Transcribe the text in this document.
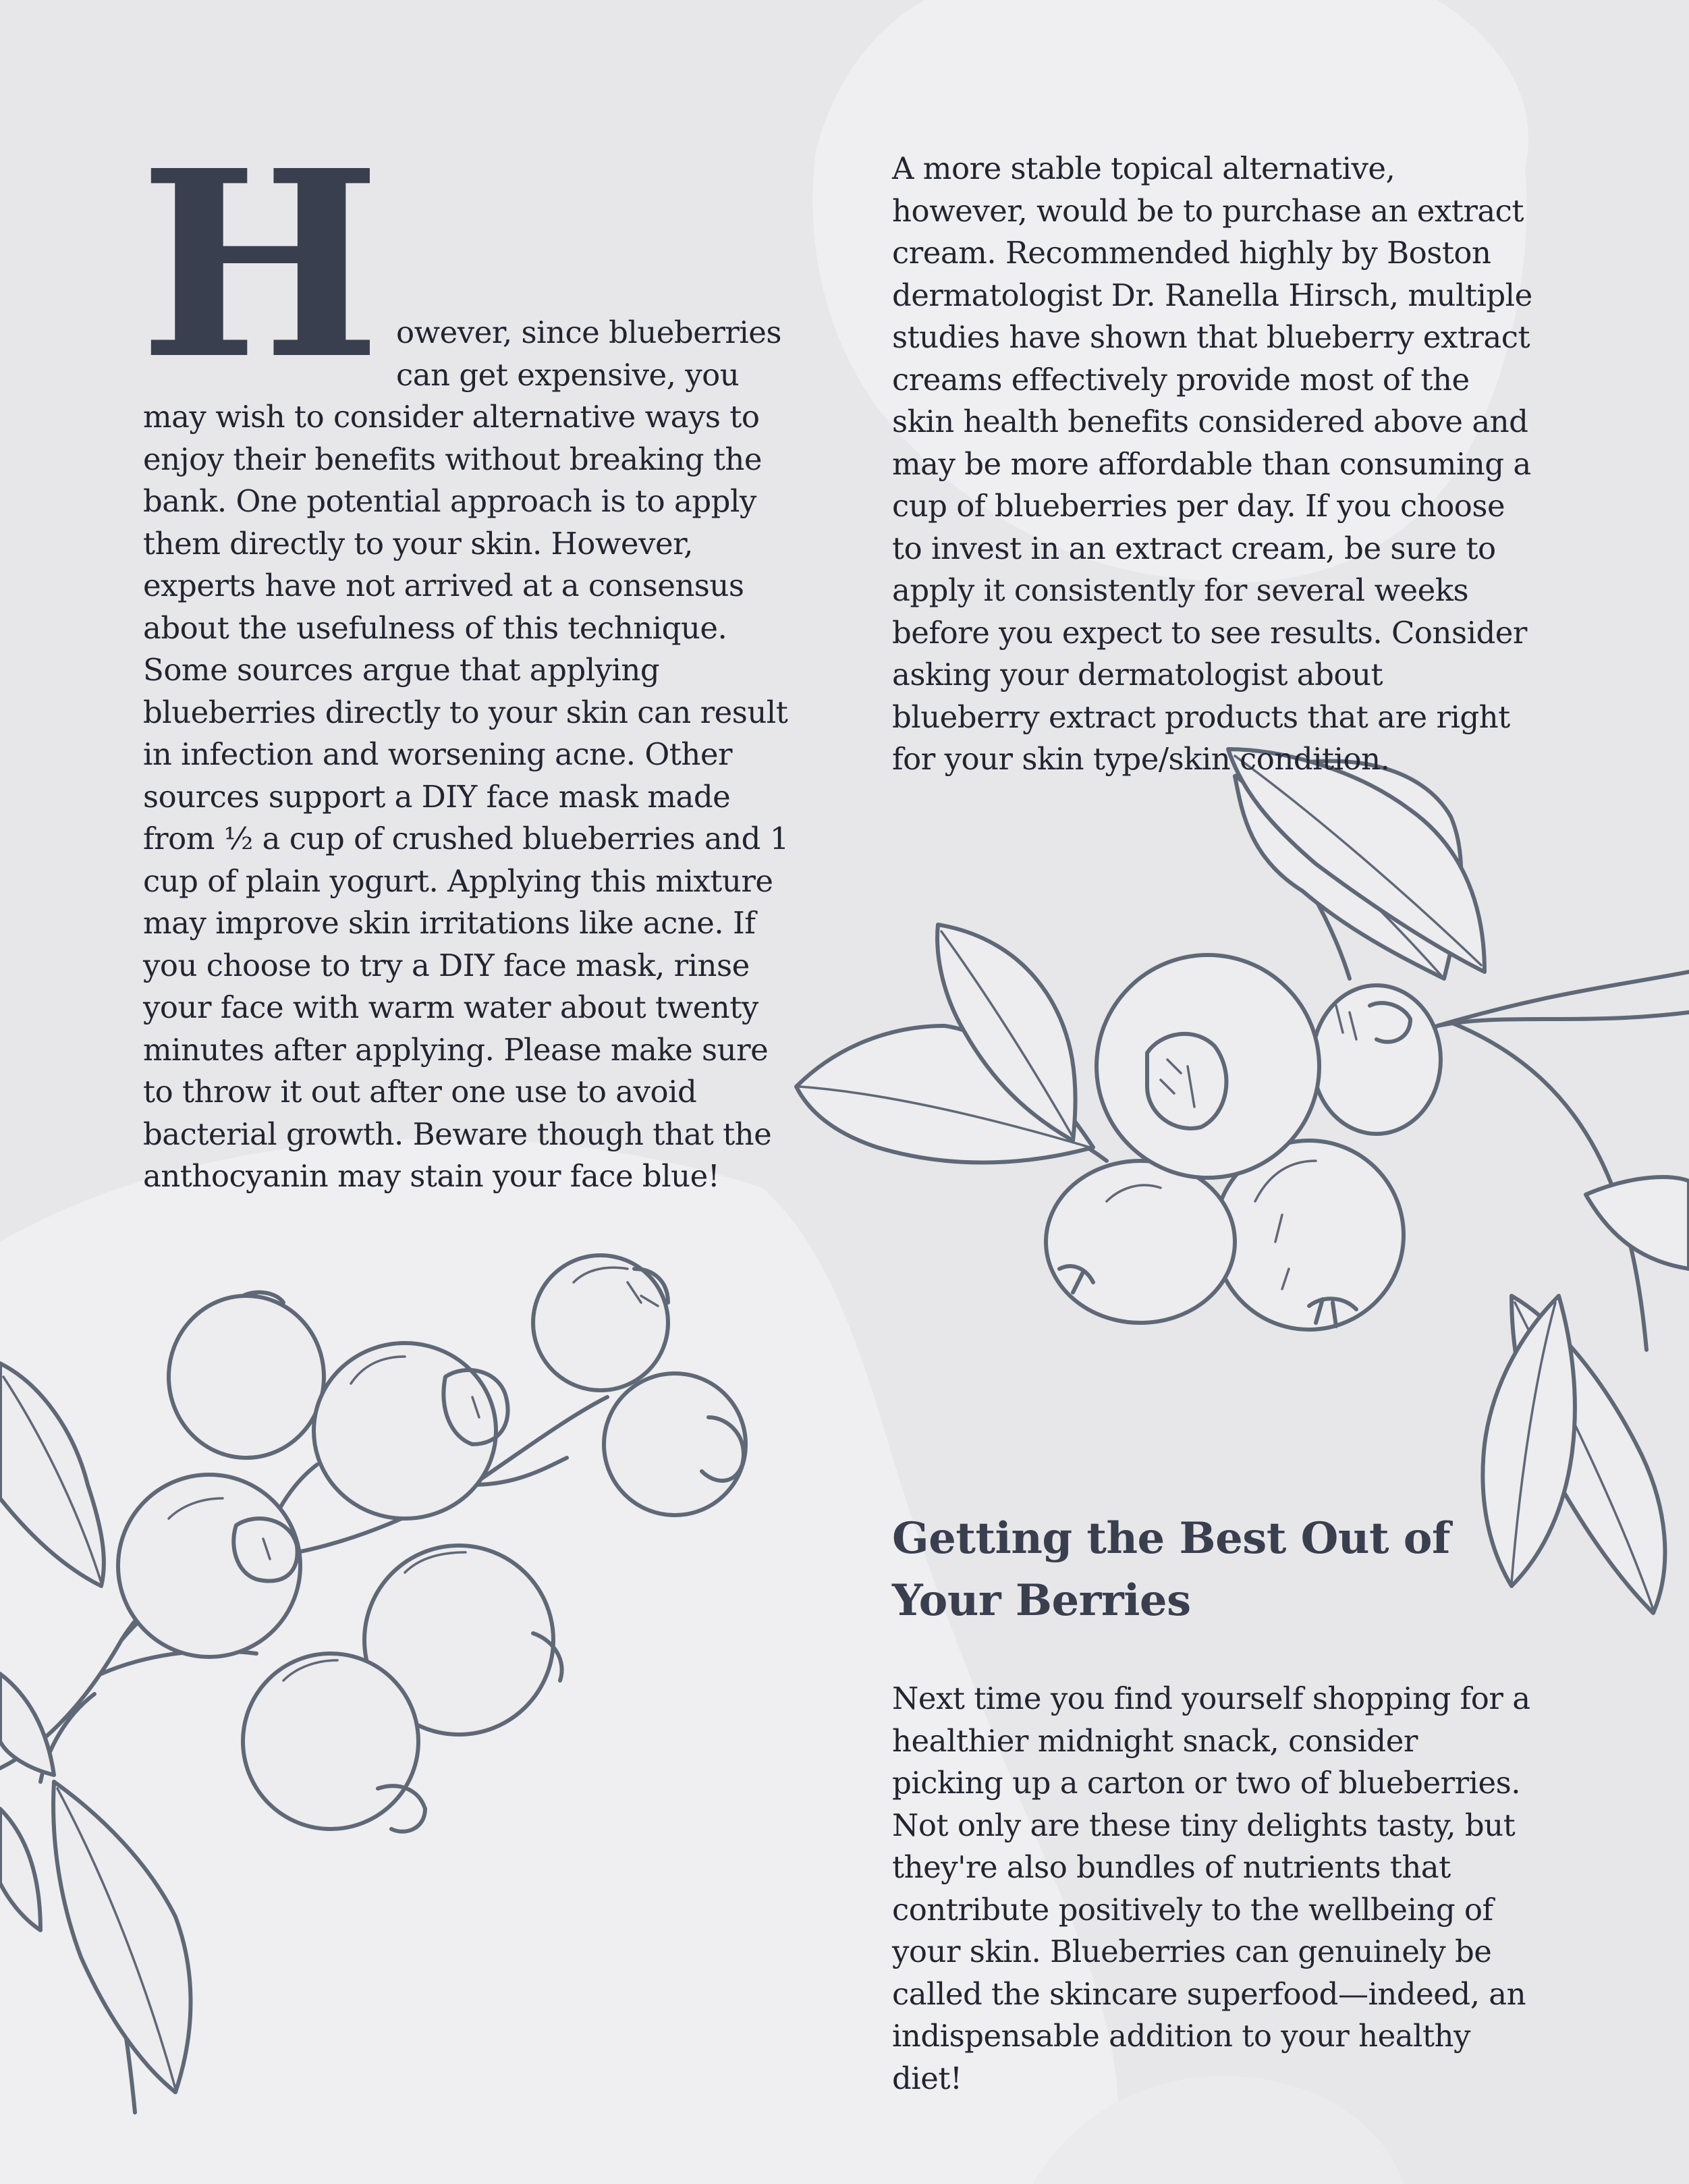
H owever, since blueberries
can get expensive, you may wish to consider alternative ways to enjoy their benefits without breaking the bank. One potential approach is to apply them directly to your skin. However, experts have not arrived at a consensus about the usefulness of this technique. Some sources argue that applying blueberries directly to your skin can result in infection and worsening acne. Other sources support a DIY face mask made from ½ a cup of crushed blueberries and 1 cup of plain yogurt. Applying this mixture may improve skin irritations like acne. If you choose to try a DIY face mask, rinse your face with warm water about twenty minutes after applying. Please make sure to throw it out after one use to avoid bacterial growth. Beware though that the anthocyanin may stain your face blue!

A more stable topical alternative, however, would be to purchase an extract cream. Recommended highly by Boston dermatologist Dr. Ranella Hirsch, multiple studies have shown that blueberry extract creams effectively provide most of the skin health benefits considered above and may be more affordable than consuming a cup of blueberries per day. If you choose to invest in an extract cream, be sure to apply it consistently for several weeks before you expect to see results. Consider asking your dermatologist about blueberry extract products that are right for your skin type/skin condition.

Getting the Best Out of Your Berries

Next time you find yourself shopping for a healthier midnight snack, consider picking up a carton or two of blueberries. Not only are these tiny delights tasty, but they're also bundles of nutrients that contribute positively to the wellbeing of your skin. Blueberries can genuinely be called the skincare superfood—indeed, an indispensable addition to your healthy diet!
